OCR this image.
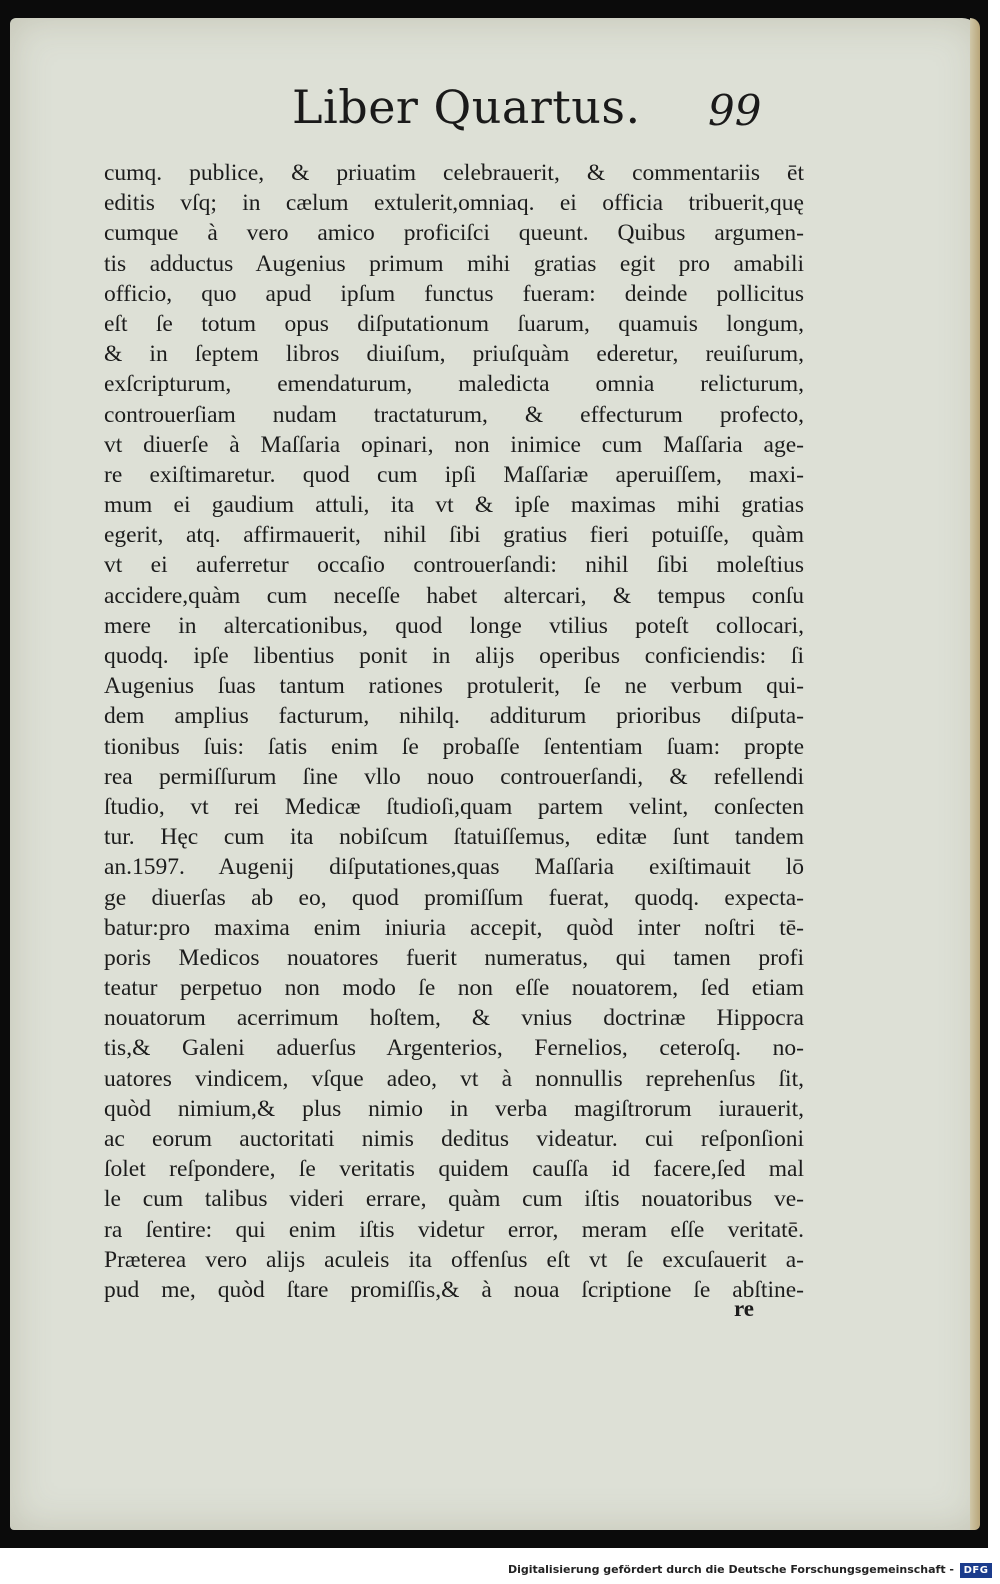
Liber Quartus. 99
cumq. publice, & priuatim celebrauerit, & commentariis ēt
editis vſq; in cælum extulerit,omniaq. ei officia tribuerit,quę
cumque à vero amico proficiſci queunt. Quibus argumen-
tis adductus Augenius primum mihi gratias egit pro amabili
officio, quo apud ipſum functus fueram: deinde pollicitus
eſt ſe totum opus diſputationum ſuarum, quamuis longum,
& in ſeptem libros diuiſum, priuſquàm ederetur, reuiſurum,
exſcripturum, emendaturum, maledicta omnia relicturum,
controuerſiam nudam tractaturum, & effecturum profecto,
vt diuerſe à Maſſaria opinari, non inimice cum Maſſaria age-
re exiſtimaretur. quod cum ipſi Maſſariæ aperuiſſem, maxi-
mum ei gaudium attuli, ita vt & ipſe maximas mihi gratias
egerit, atq. affirmauerit, nihil ſibi gratius fieri potuiſſe, quàm
vt ei auferretur occaſio controuerſandi: nihil ſibi moleſtius
accidere,quàm cum neceſſe habet altercari, & tempus conſu
mere in altercationibus, quod longe vtilius poteſt collocari,
quodq. ipſe libentius ponit in alijs operibus conficiendis: ſi
Augenius ſuas tantum rationes protulerit, ſe ne verbum qui-
dem amplius facturum, nihilq. additurum prioribus diſputa-
tionibus ſuis: ſatis enim ſe probaſſe ſententiam ſuam: propte
rea permiſſurum ſine vllo nouo controuerſandi, & refellendi
ſtudio, vt rei Medicæ ſtudioſi,quam partem velint, conſecten
tur. Hęc cum ita nobiſcum ſtatuiſſemus, editæ ſunt tandem
an.1597. Augenij diſputationes,quas Maſſaria exiſtimauit lō
ge diuerſas ab eo, quod promiſſum fuerat, quodq. expecta-
batur:pro maxima enim iniuria accepit, quòd inter noſtri tē-
poris Medicos nouatores fuerit numeratus, qui tamen profi
teatur perpetuo non modo ſe non eſſe nouatorem, ſed etiam
nouatorum acerrimum hoſtem, & vnius doctrinæ Hippocra
tis,& Galeni aduerſus Argenterios, Fernelios, ceteroſq. no-
uatores vindicem, vſque adeo, vt à nonnullis reprehenſus ſit,
quòd nimium,& plus nimio in verba magiſtrorum iurauerit,
ac eorum auctoritati nimis deditus videatur. cui reſponſioni
ſolet reſpondere, ſe veritatis quidem cauſſa id facere,ſed mal
le cum talibus videri errare, quàm cum iſtis nouatoribus ve-
ra ſentire: qui enim iſtis videtur error, meram eſſe veritatē.
Præterea vero alijs aculeis ita offenſus eſt vt ſe excuſauerit a-
pud me, quòd ſtare promiſſis,& à noua ſcriptione ſe abſtine-
re
Digitalisierung gefördert durch die Deutsche Forschungsgemeinschaft - DFG
